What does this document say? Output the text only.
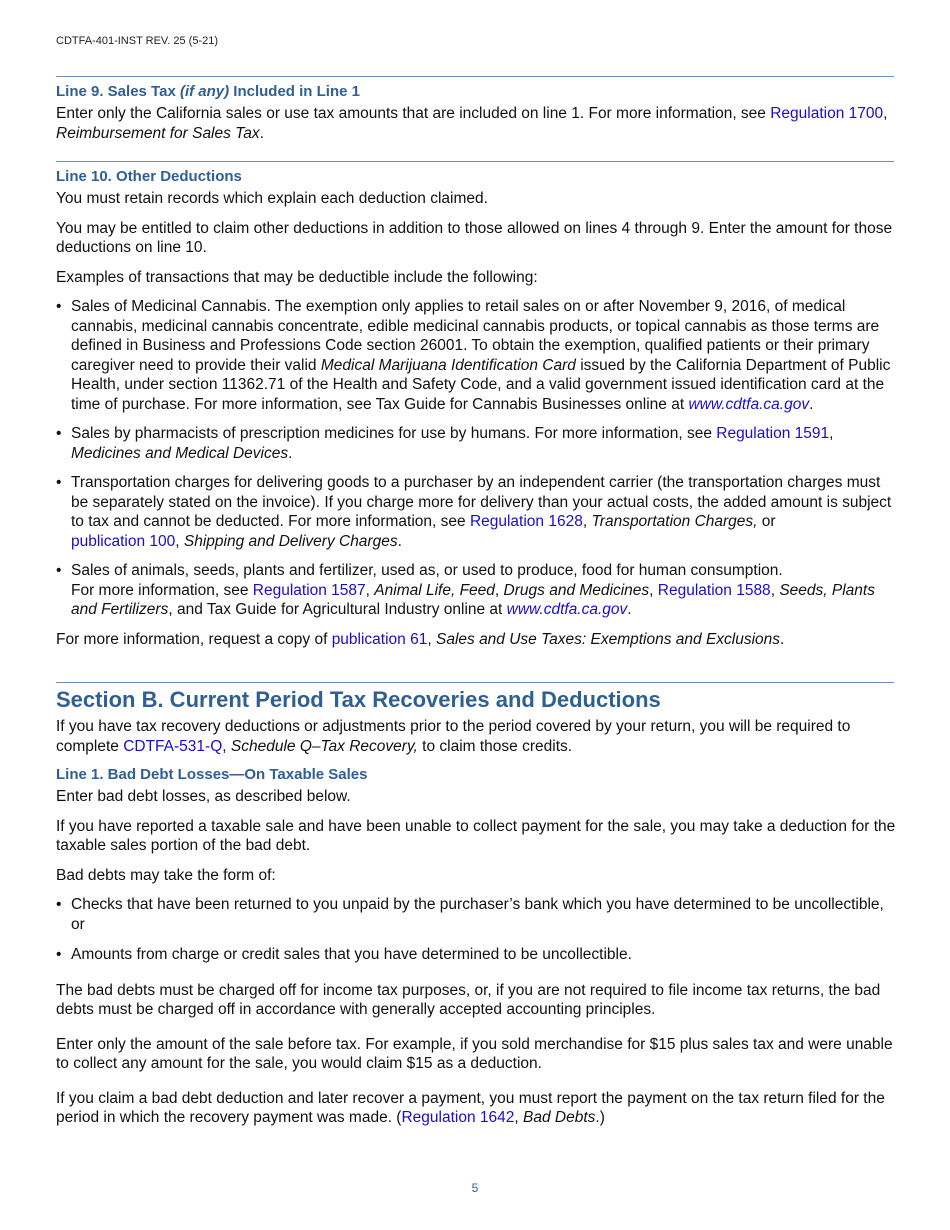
CDTFA-401-INST REV. 25 (5-21)
Line 9. Sales Tax (if any) Included in Line 1

Enter only the California sales or use tax amounts that are included on line 1. For more information, see Regulation 1700,
Reimbursement for Sales Tax.

Line 10. Other Deductions

You must retain records which explain each deduction claimed.

You may be entitled to claim other deductions in addition to those allowed on lines 4 through 9. Enter the amount for those deductions on line 10.

Examples of transactions that may be deductible include the following:

• Sales of Medicinal Cannabis. The exemption only applies to retail sales on or after November 9, 2016, of medical cannabis, medicinal cannabis concentrate, edible medicinal cannabis products, or topical cannabis as those terms are defined in Business and Professions Code section 26001. To obtain the exemption, qualified patients or their primary caregiver need to provide their valid Medical Marijuana Identification Card issued by the California Department of Public Health, under section 11362.71 of the Health and Safety Code, and a valid government issued identification card at the time of purchase. For more information, see Tax Guide for Cannabis Businesses online at www.cdtfa.ca.gov.
• Sales by pharmacists of prescription medicines for use by humans. For more information, see Regulation 1591,
Medicines and Medical Devices.
• Transportation charges for delivering goods to a purchaser by an independent carrier (the transportation charges must be separately stated on the invoice). If you charge more for delivery than your actual costs, the added amount is subject to tax and cannot be deducted. For more information, see Regulation 1628, Transportation Charges, or
publication 100, Shipping and Delivery Charges.
• Sales of animals, seeds, plants and fertilizer, used as, or used to produce, food for human consumption.
For more information, see Regulation 1587, Animal Life, Feed, Drugs and Medicines, Regulation 1588, Seeds, Plants and Fertilizers, and Tax Guide for Agricultural Industry online at www.cdtfa.ca.gov.

For more information, request a copy of publication 61, Sales and Use Taxes: Exemptions and Exclusions.

Section B. Current Period Tax Recoveries and Deductions

If you have tax recovery deductions or adjustments prior to the period covered by your return, you will be required to complete CDTFA-531-Q, Schedule Q–Tax Recovery, to claim those credits.

Line 1. Bad Debt Losses—On Taxable Sales

Enter bad debt losses, as described below.

If you have reported a taxable sale and have been unable to collect payment for the sale, you may take a deduction for the taxable sales portion of the bad debt.

Bad debts may take the form of:

• Checks that have been returned to you unpaid by the purchaser’s bank which you have determined to be uncollectible, or
• Amounts from charge or credit sales that you have determined to be uncollectible.

The bad debts must be charged off for income tax purposes, or, if you are not required to file income tax returns, the bad debts must be charged off in accordance with generally accepted accounting principles.

Enter only the amount of the sale before tax. For example, if you sold merchandise for $15 plus sales tax and were unable to collect any amount for the sale, you would claim $15 as a deduction.

If you claim a bad debt deduction and later recover a payment, you must report the payment on the tax return filed for the period in which the recovery payment was made. (Regulation 1642, Bad Debts.)

5
